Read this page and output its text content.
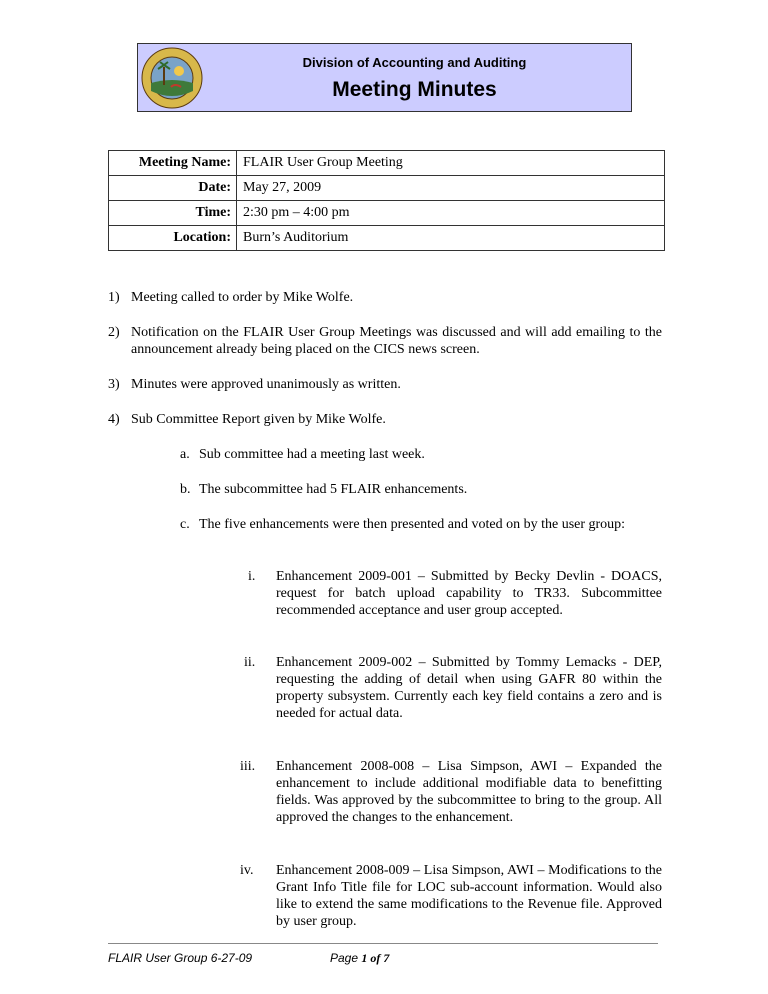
Division of Accounting and Auditing
Meeting Minutes
Meeting Name:	FLAIR User Group Meeting
Date:	May 27, 2009
Time:	2:30 pm – 4:00 pm
Location:	Burn’s Auditorium
1) Meeting called to order by Mike Wolfe.
2) Notification on the FLAIR User Group Meetings was discussed and will add emailing to the announcement already being placed on the CICS news screen.
3) Minutes were approved unanimously as written.
4) Sub Committee Report given by Mike Wolfe.
a. Sub committee had a meeting last week.
b. The subcommittee had 5 FLAIR enhancements.
c. The five enhancements were then presented and voted on by the user group:
i. Enhancement 2009-001 – Submitted by Becky Devlin - DOACS, request for batch upload capability to TR33. Subcommittee recommended acceptance and user group accepted.
ii. Enhancement 2009-002 – Submitted by Tommy Lemacks - DEP, requesting the adding of detail when using GAFR 80 within the property subsystem. Currently each key field contains a zero and is needed for actual data.
iii. Enhancement 2008-008 – Lisa Simpson, AWI – Expanded the enhancement to include additional modifiable data to benefitting fields. Was approved by the subcommittee to bring to the group. All approved the changes to the enhancement.
iv. Enhancement 2008-009 – Lisa Simpson, AWI – Modifications to the Grant Info Title file for LOC sub-account information. Would also like to extend the same modifications to the Revenue file. Approved by user group.
FLAIR User Group 6-27-09	Page 1 of 7
